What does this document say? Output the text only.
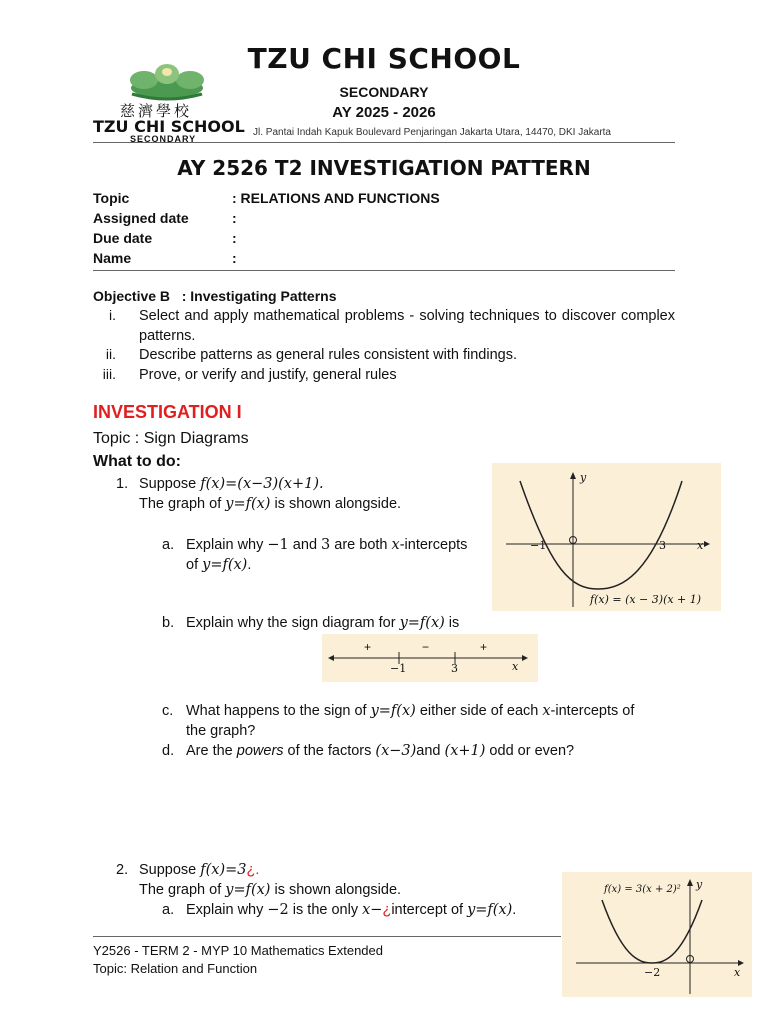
慈濟學校
TZU CHI SCHOOL
SECONDARY
TZU CHI SCHOOL
SECONDARY
AY 2025 - 2026
Jl. Pantai Indah Kapuk Boulevard Penjaringan Jakarta Utara, 14470, DKI Jakarta
AY 2526 T2 INVESTIGATION PATTERN
Topic	: RELATIONS AND FUNCTIONS
Assigned date	:
Due date	:
Name	:
Objective B   : Investigating Patterns
i. Select and apply mathematical problems - solving techniques to discover complex patterns.
ii. Describe patterns as general rules consistent with findings.
iii. Prove, or verify and justify, general rules
INVESTIGATION I
Topic : Sign Diagrams
What to do:
1. Suppose f(x)=(x−3)(x+1).
The graph of y=f(x) is shown alongside.
a. Explain why −1 and 3 are both x-intercepts
of y=f(x).
y
x
−1	3
f(x) = (x − 3)(x + 1)
b. Explain why the sign diagram for y=f(x) is
+	−	+
−1	3	x
c. What happens to the sign of y=f(x) either side of each x-intercepts of
the graph?
d. Are the powers of the factors (x−3)and (x+1) odd or even?
2. Suppose f(x)=3¿.
The graph of y=f(x) is shown alongside.
a. Explain why −2 is the only x−¿intercept of y=f(x).
f(x) = 3(x + 2)² y
x
−2
Y2526 - TERM 2 - MYP 10 Mathematics Extended
Topic: Relation and Function
